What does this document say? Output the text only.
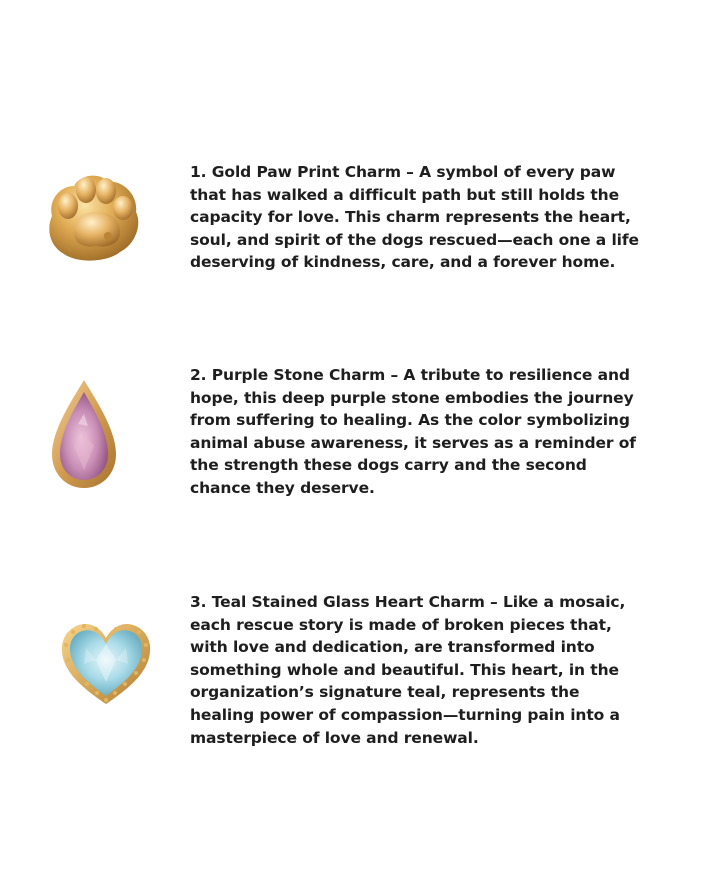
1. Gold Paw Print Charm – A symbol of every paw that has walked a difficult path but still holds the capacity for love. This charm represents the heart, soul, and spirit of the dogs rescued—each one a life deserving of kindness, care, and a forever home.

2. Purple Stone Charm – A tribute to resilience and hope, this deep purple stone embodies the journey from suffering to healing. As the color symbolizing animal abuse awareness, it serves as a reminder of the strength these dogs carry and the second chance they deserve.

3. Teal Stained Glass Heart Charm – Like a mosaic, each rescue story is made of broken pieces that, with love and dedication, are transformed into something whole and beautiful. This heart, in the organization’s signature teal, represents the healing power of compassion—turning pain into a masterpiece of love and renewal.
